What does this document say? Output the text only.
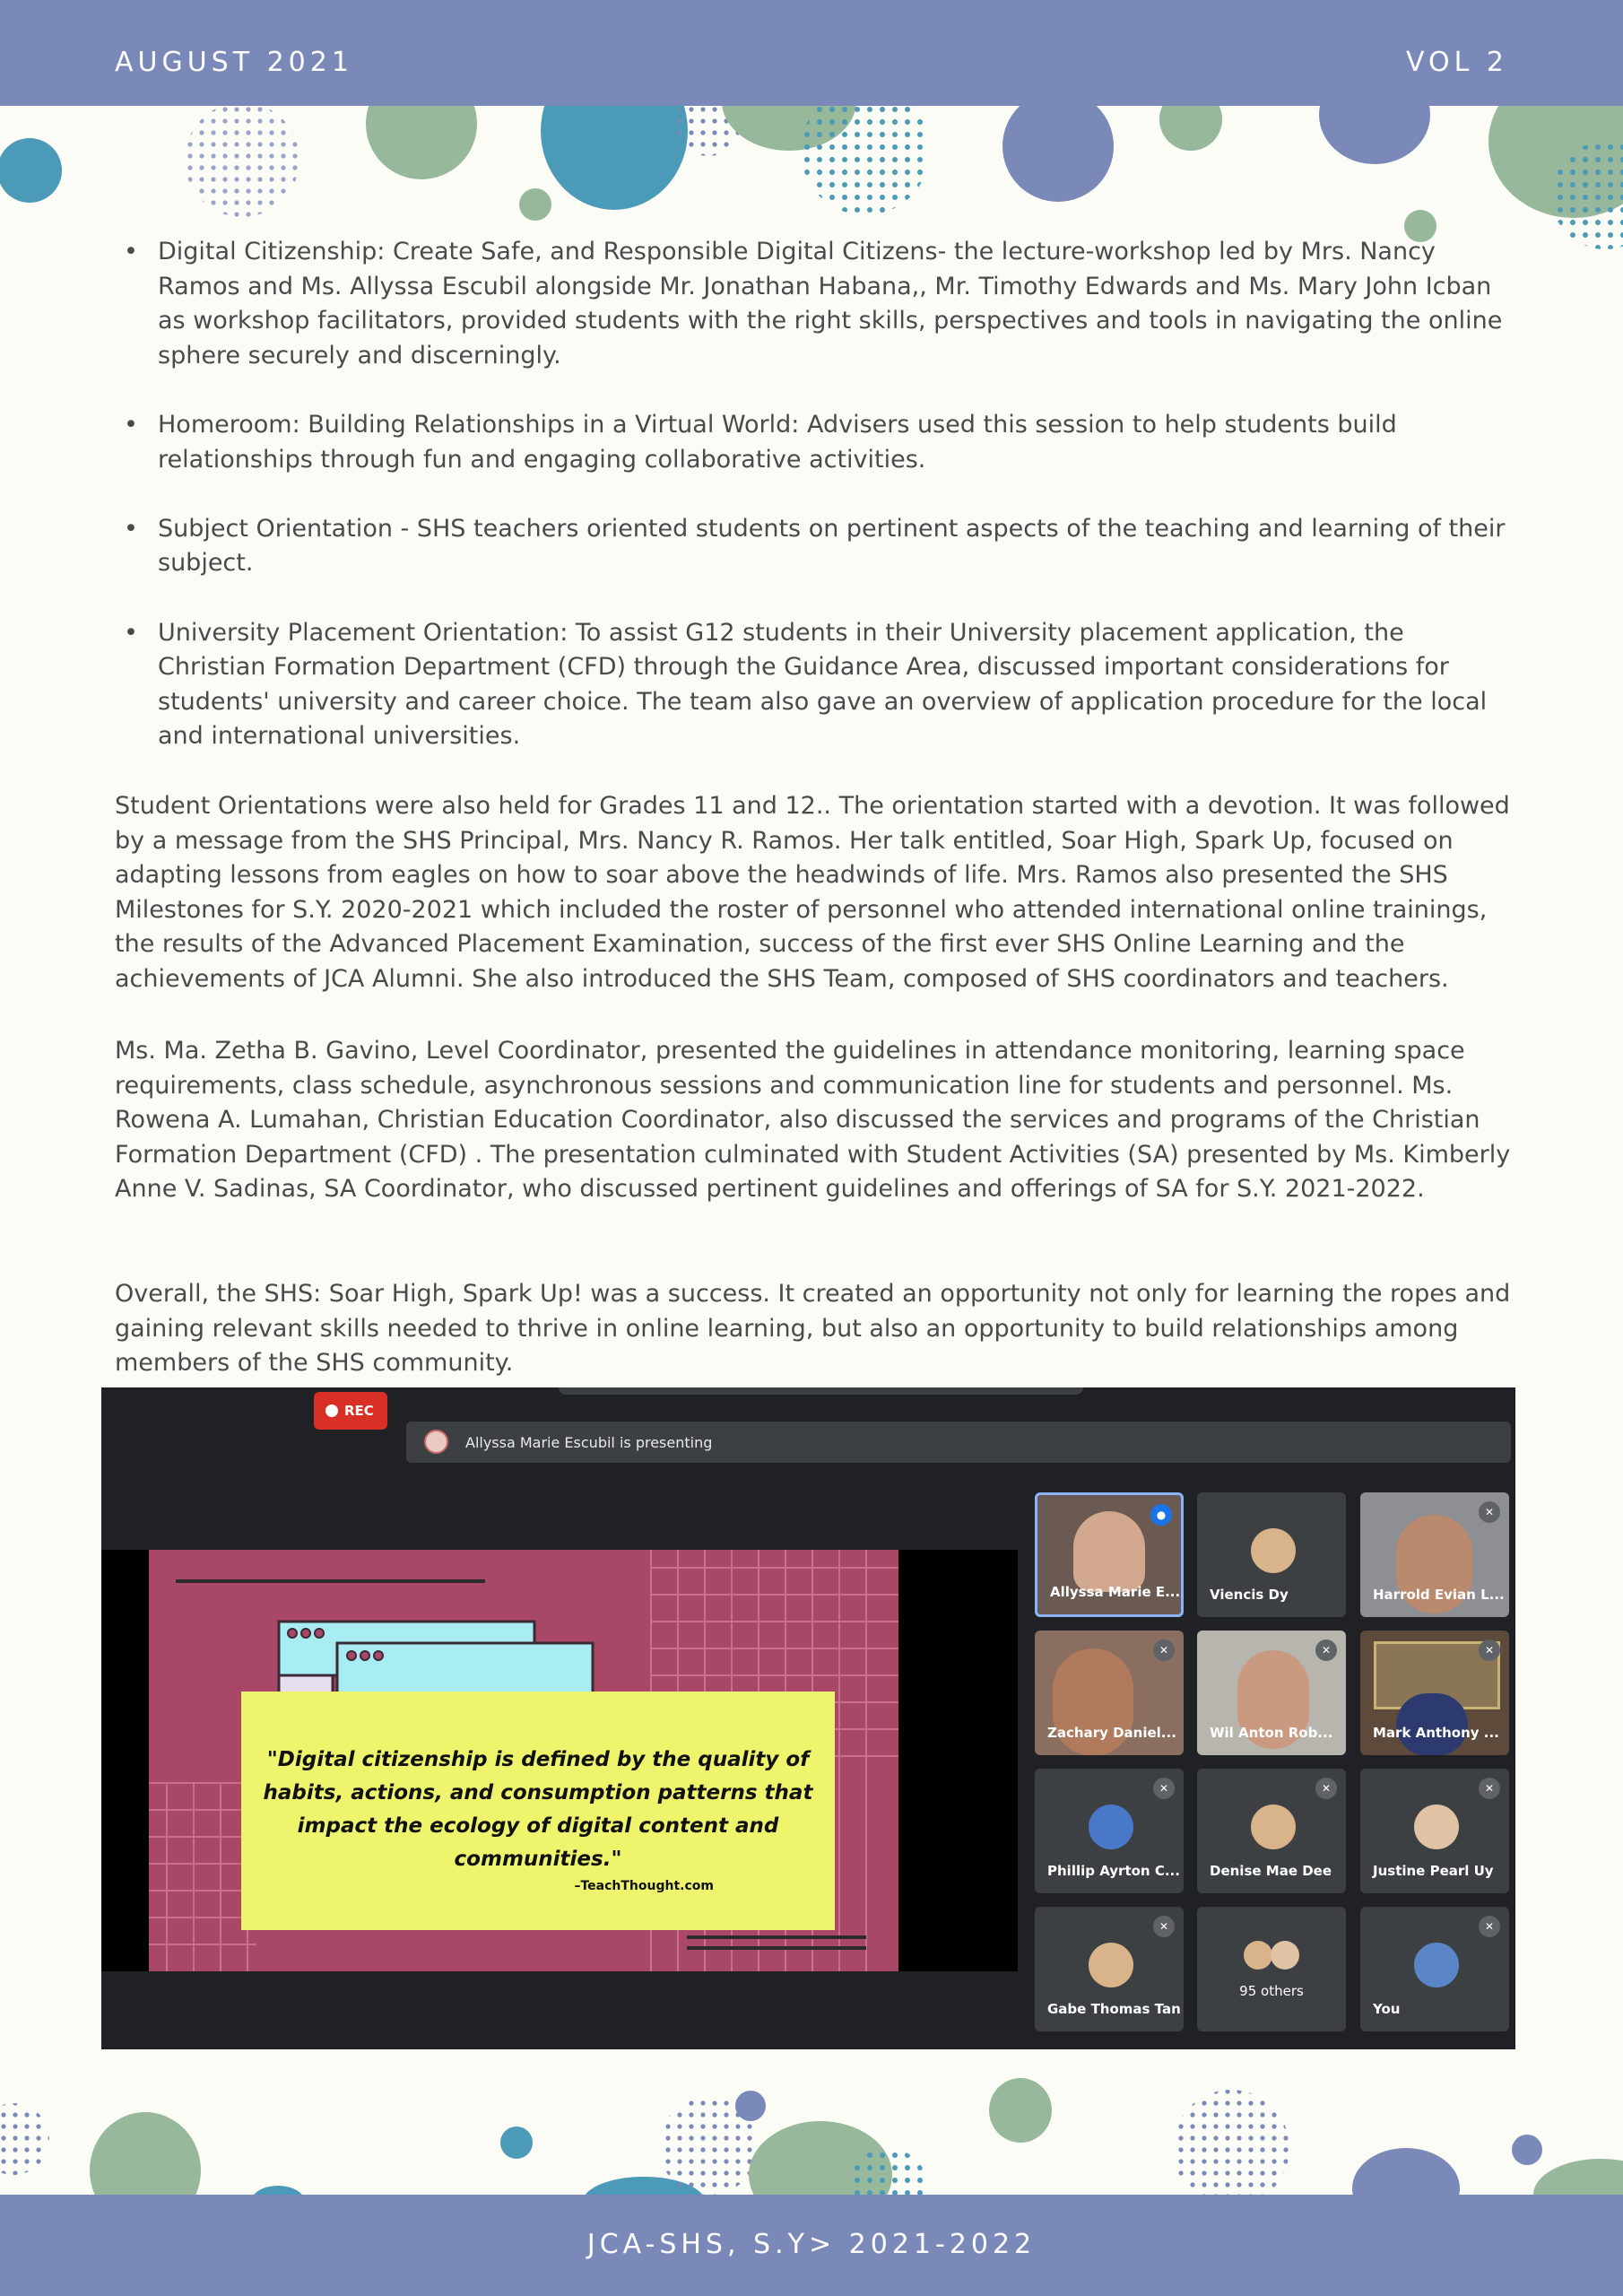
AUGUST 2021	VOL 2
• Digital Citizenship: Create Safe, and Responsible Digital Citizens- the lecture-workshop led by Mrs. Nancy Ramos and Ms. Allyssa Escubil alongside Mr. Jonathan Habana,, Mr. Timothy Edwards and Ms. Mary John Icban as workshop facilitators, provided students with the right skills, perspectives and tools in navigating the online sphere securely and discerningly.
• Homeroom: Building Relationships in a Virtual World: Advisers used this session to help students build relationships through fun and engaging collaborative activities.
• Subject Orientation - SHS teachers oriented students on pertinent aspects of the teaching and learning of their subject.
• University Placement Orientation: To assist G12 students in their University placement application, the Christian Formation Department (CFD) through the Guidance Area, discussed important considerations for students' university and career choice. The team also gave an overview of application procedure for the local and international universities.

Student Orientations were also held for Grades 11 and 12.. The orientation started with a devotion. It was followed by a message from the SHS Principal, Mrs. Nancy R. Ramos. Her talk entitled, Soar High, Spark Up, focused on adapting lessons from eagles on how to soar above the headwinds of life. Mrs. Ramos also presented the SHS Milestones for S.Y. 2020-2021 which included the roster of personnel who attended international online trainings, the results of the Advanced Placement Examination, success of the first ever SHS Online Learning and the achievements of JCA Alumni. She also introduced the SHS Team, composed of SHS coordinators and teachers.

Ms. Ma. Zetha B. Gavino, Level Coordinator, presented the guidelines in attendance monitoring, learning space requirements, class schedule, asynchronous sessions and communication line for students and personnel. Ms. Rowena A. Lumahan, Christian Education Coordinator, also discussed the services and programs of the Christian Formation Department (CFD) . The presentation culminated with Student Activities (SA) presented by Ms. Kimberly Anne V. Sadinas, SA Coordinator, who discussed pertinent guidelines and offerings of SA for S.Y. 2021-2022.

Overall, the SHS: Soar High, Spark Up! was a success. It created an opportunity not only for learning the ropes and gaining relevant skills needed to thrive in online learning, but also an opportunity to build relationships among members of the SHS community.

REC
Allyssa Marie Escubil is presenting
"Digital citizenship is defined by the quality of habits, actions, and consumption patterns that impact the ecology of digital content and communities."
–TeachThought.com
●
Allyssa Marie E... Viencis Dy
✕
Harrold Evian L...
✕
Zachary Daniel...
✕
Wil Anton Rob...
✕
Mark Anthony ...
✕
Phillip Ayrton C...
✕
Denise Mae Dee
✕
Justine Pearl Uy
✕
Gabe Thomas Tan
95 others
✕
You
JCA-SHS, S.Y> 2021-2022
